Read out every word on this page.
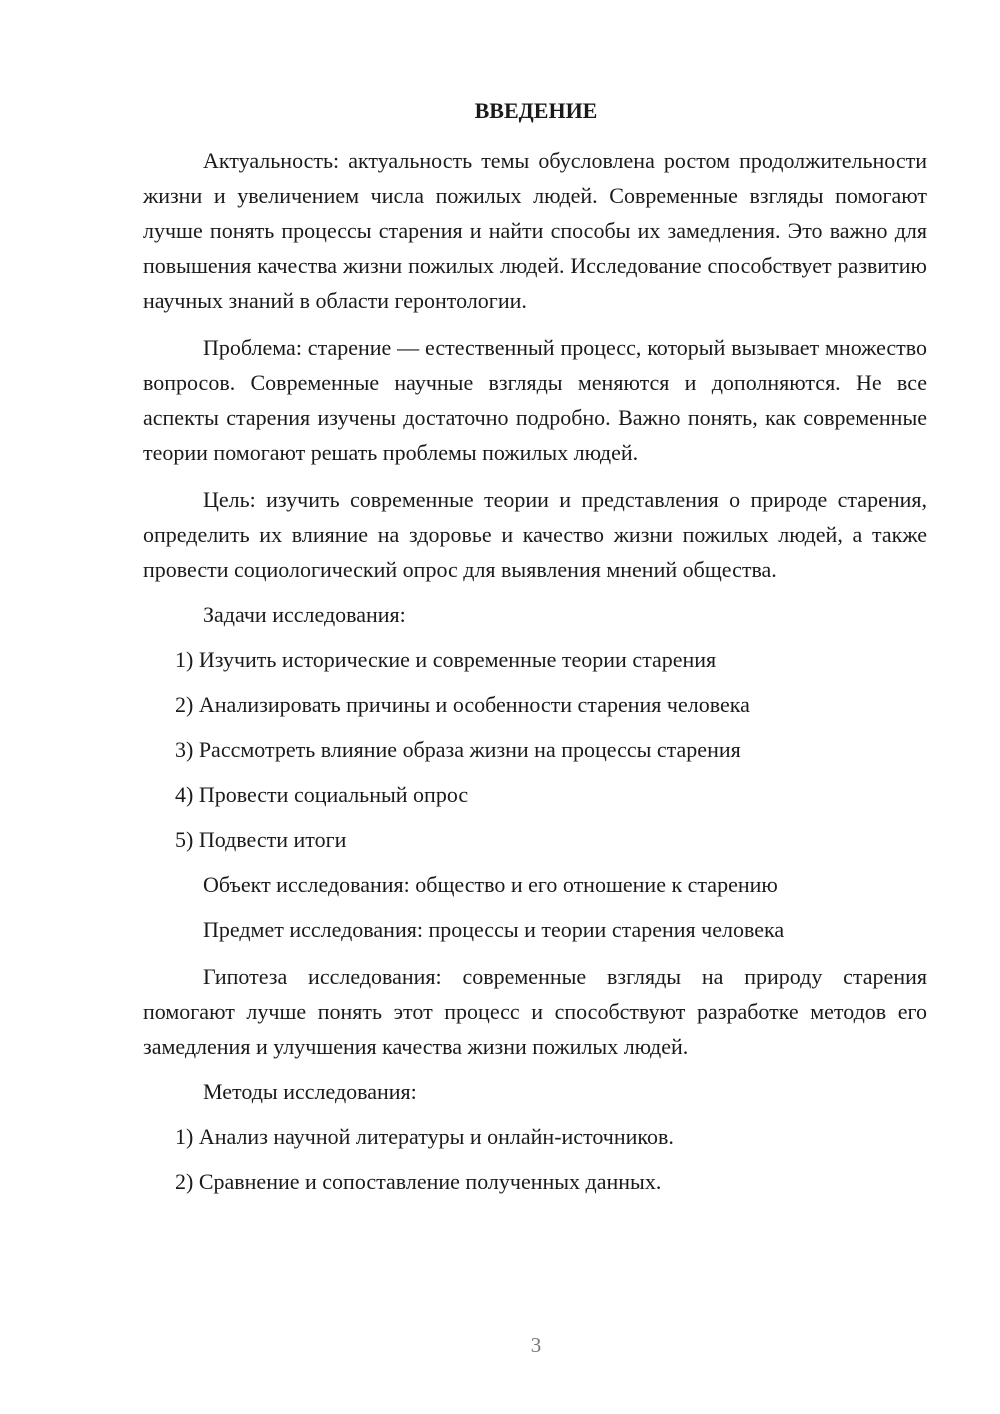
ВВЕДЕНИЕ

Актуальность: актуальность темы обусловлена ростом продолжительности жизни и увеличением числа пожилых людей. Современные взгляды помогают лучше понять процессы старения и найти способы их замедления. Это важно для повышения качества жизни пожилых людей. Исследование способствует развитию научных знаний в области геронтологии.

Проблема: старение — естественный процесс, который вызывает множество вопросов. Современные научные взгляды меняются и дополняются. Не все аспекты старения изучены достаточно подробно. Важно понять, как современные теории помогают решать проблемы пожилых людей.

Цель: изучить современные теории и представления о природе старения, определить их влияние на здоровье и качество жизни пожилых людей, а также провести социологический опрос для выявления мнений общества.

Задачи исследования:

1) Изучить исторические и современные теории старения

2) Анализировать причины и особенности старения человека

3) Рассмотреть влияние образа жизни на процессы старения

4) Провести социальный опрос

5) Подвести итоги

Объект исследования: общество и его отношение к старению

Предмет исследования: процессы и теории старения человека

Гипотеза исследования: современные взгляды на природу старения помогают лучше понять этот процесс и способствуют разработке методов его замедления и улучшения качества жизни пожилых людей.

Методы исследования:

1) Анализ научной литературы и онлайн-источников.

2) Сравнение и сопоставление полученных данных.

3
